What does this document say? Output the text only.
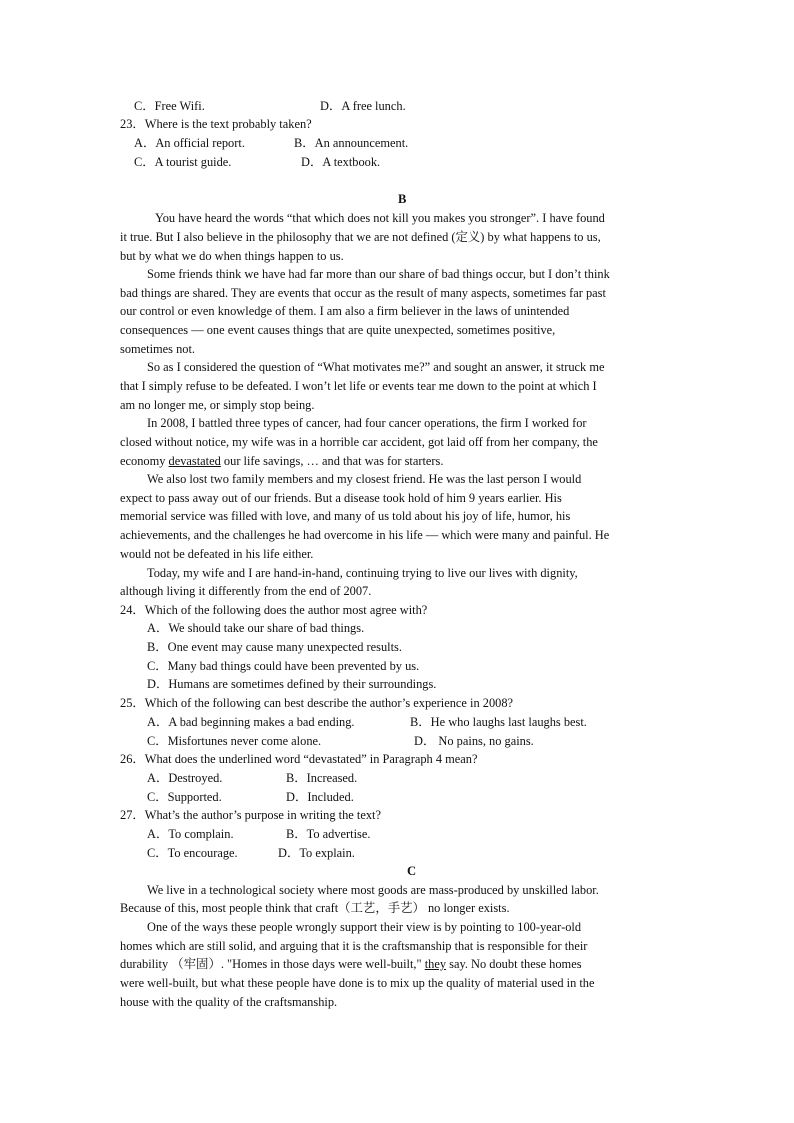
C．Free Wifi.	D．A free lunch.
23．Where is the text probably taken?
A．An official report.	B．An announcement.
C．A tourist guide.	D．A textbook.
B
You have heard the words “that which does not kill you makes you stronger”. I have found
it true. But I also believe in the philosophy that we are not defined (定义) by what happens to us,
but by what we do when things happen to us.
Some friends think we have had far more than our share of bad things occur, but I don’t think
bad things are shared. They are events that occur as the result of many aspects, sometimes far past
our control or even knowledge of them. I am also a firm believer in the laws of unintended
consequences — one event causes things that are quite unexpected, sometimes positive,
sometimes not.
So as I considered the question of “What motivates me?” and sought an answer, it struck me
that I simply refuse to be defeated. I won’t let life or events tear me down to the point at which I
am no longer me, or simply stop being.
In 2008, I battled three types of cancer, had four cancer operations, the firm I worked for
closed without notice, my wife was in a horrible car accident, got laid off from her company, the
economy devastated our life savings, … and that was for starters.
We also lost two family members and my closest friend. He was the last person I would
expect to pass away out of our friends. But a disease took hold of him 9 years earlier. His
memorial service was filled with love, and many of us told about his joy of life, humor, his
achievements, and the challenges he had overcome in his life — which were many and painful. He
would not be defeated in his life either.
Today, my wife and I are hand-in-hand, continuing trying to live our lives with dignity,
although living it differently from the end of 2007.
24．Which of the following does the author most agree with?
A．We should take our share of bad things.
B．One event may cause many unexpected results.
C．Many bad things could have been prevented by us.
D．Humans are sometimes defined by their surroundings.
25．Which of the following can best describe the author’s experience in 2008?
A．A bad beginning makes a bad ending.	B．He who laughs last laughs best.
C．Misfortunes never come alone.	D． No pains, no gains.
26．What does the underlined word “devastated” in Paragraph 4 mean?
A．Destroyed.	B．Increased.
C．Supported.	D．Included.
27．What’s the author’s purpose in writing the text?
A．To complain.	B．To advertise.
C．To encourage.	D．To explain.
C
We live in a technological society where most goods are mass-produced by unskilled labor.
Because of this, most people think that craft（工艺，手艺） no longer exists.
One of the ways these people wrongly support their view is by pointing to 100-year-old
homes which are still solid, and arguing that it is the craftsmanship that is responsible for their
durability （牢固）. "Homes in those days were well-built," they say. No doubt these homes
were well-built, but what these people have done is to mix up the quality of material used in the
house with the quality of the craftsmanship.
